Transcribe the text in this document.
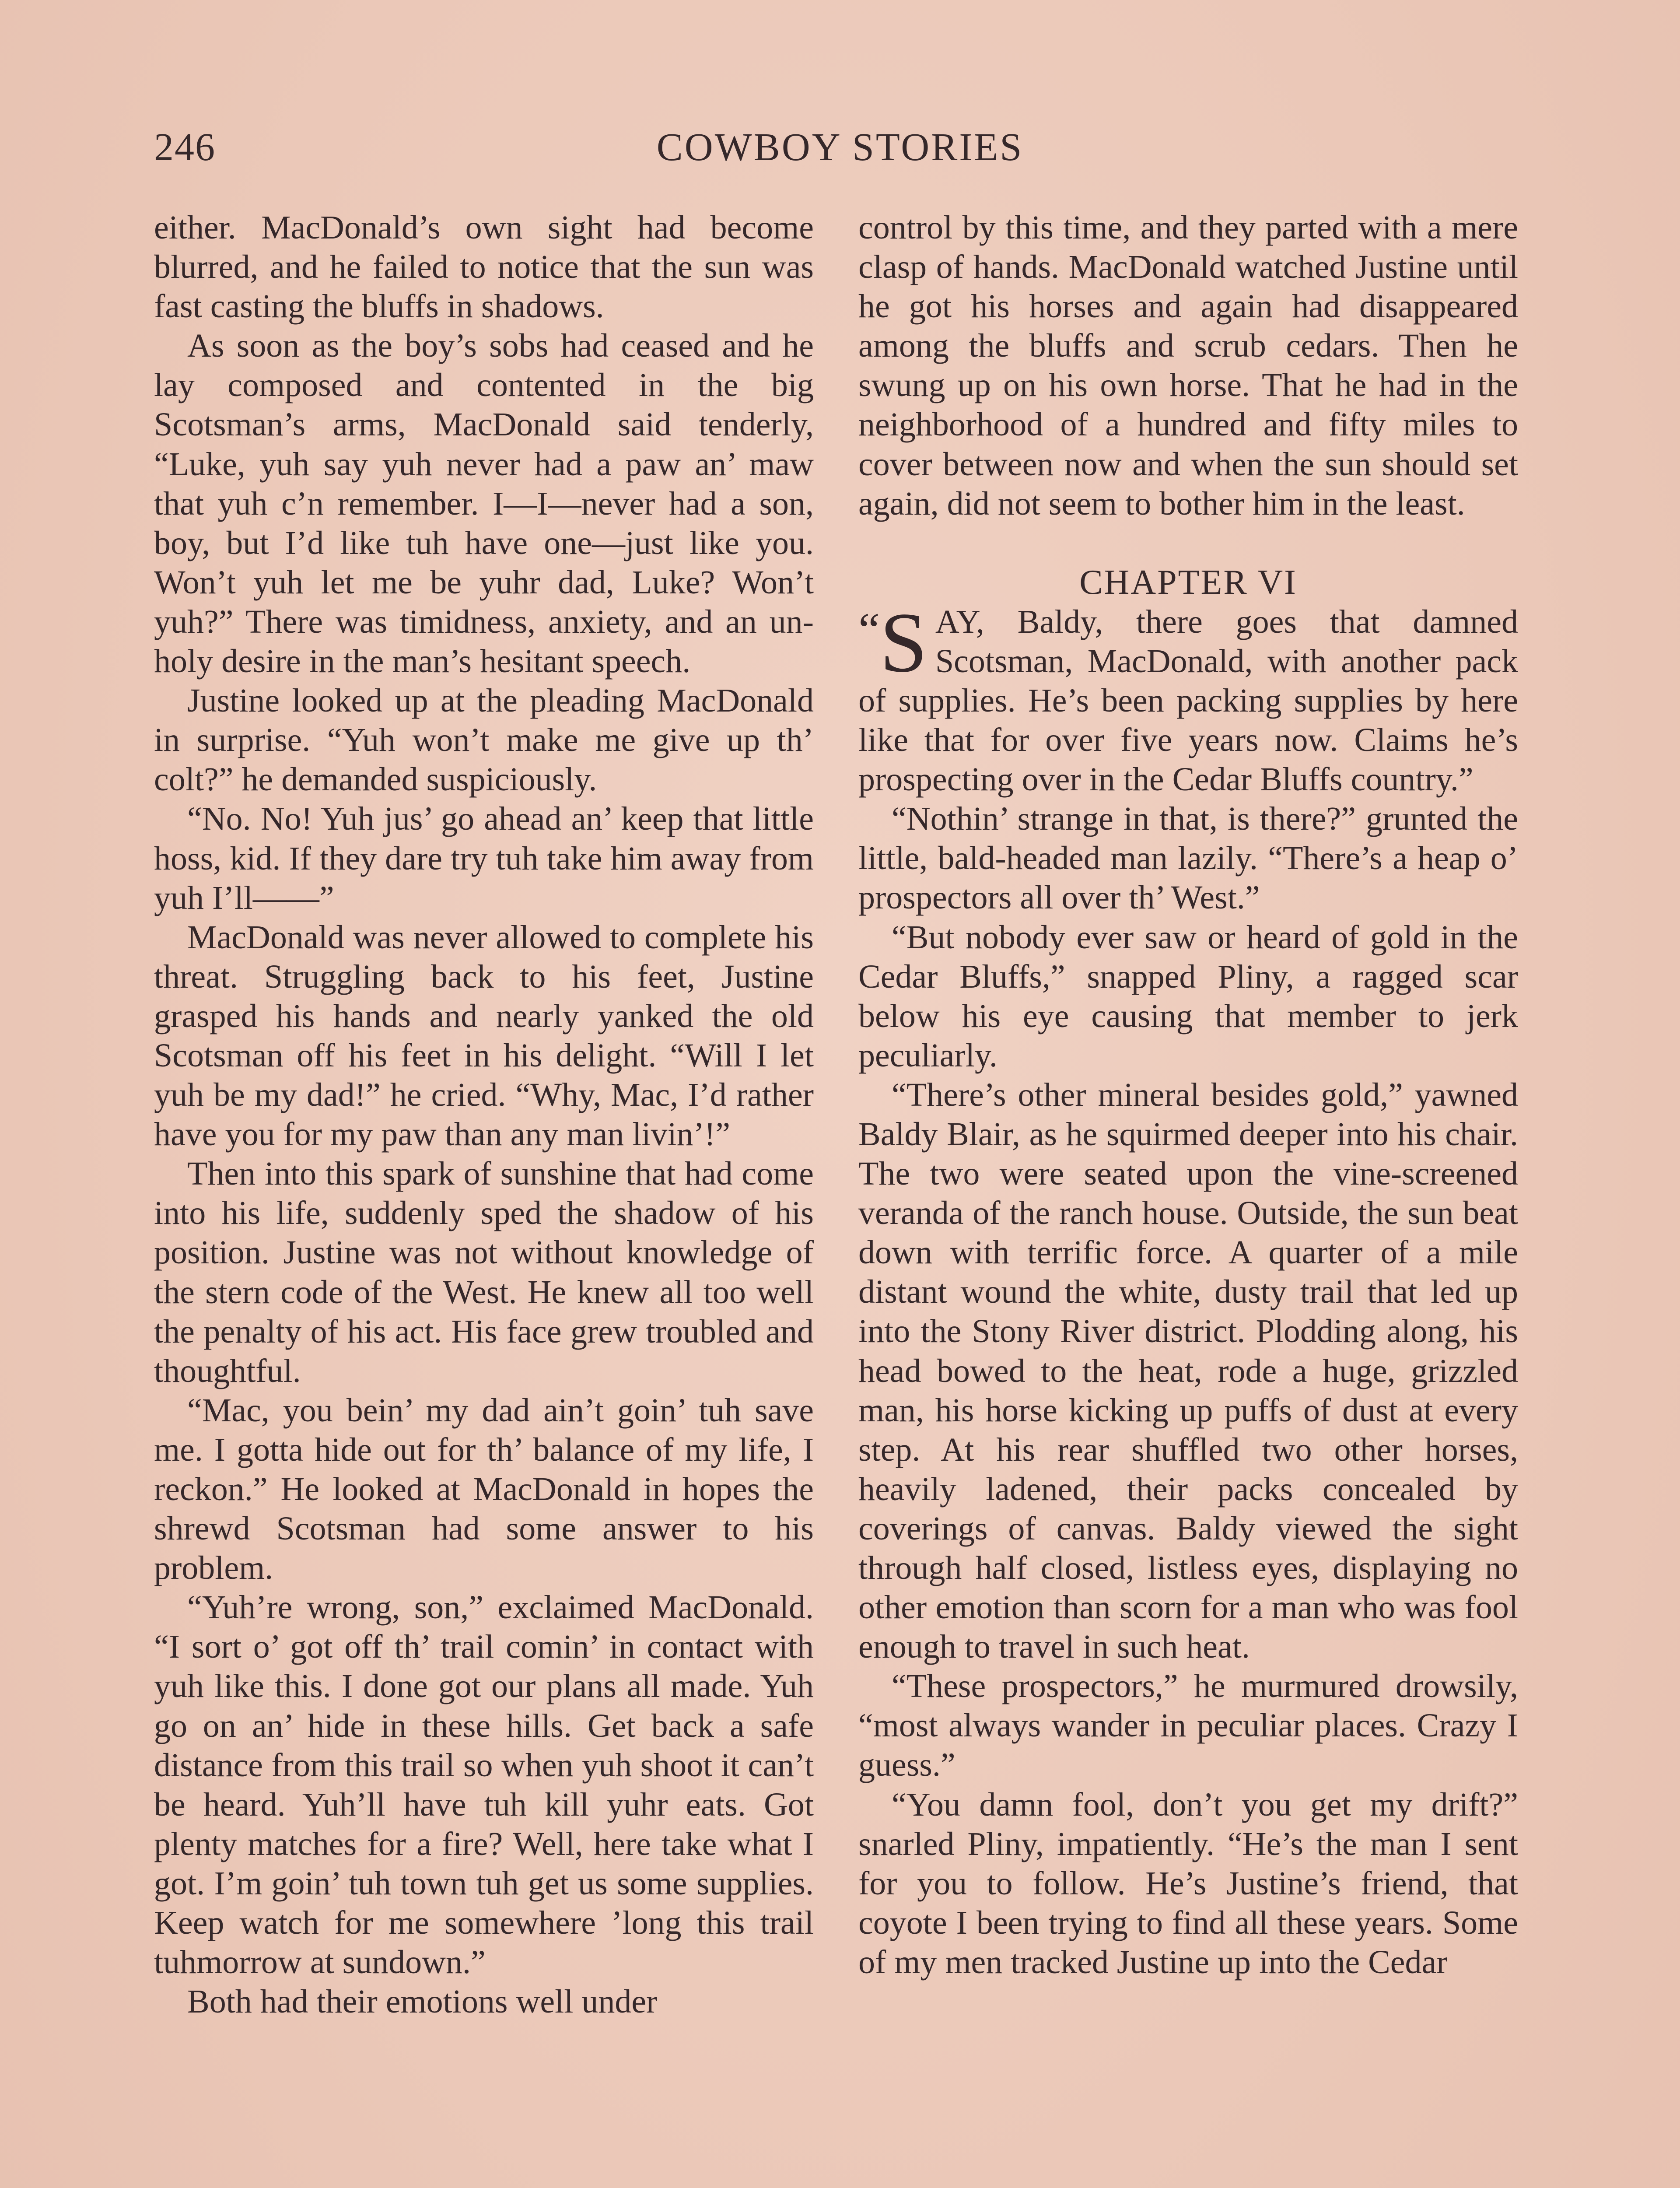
246	COWBOY STORIES

either. MacDonald’s own sight had become blurred, and he failed to notice that the sun was fast casting the bluffs in shadows.

As soon as the boy’s sobs had ceased and he lay composed and contented in the big Scotsman’s arms, MacDonald said tenderly, “Luke, yuh say yuh never had a paw an’ maw that yuh c’n remember. I—I—never had a son, boy, but I’d like tuh have one—just like you. Won’t yuh let me be yuhr dad, Luke? Won’t yuh?” There was timidness, anxiety, and an unholy desire in the man’s hesitant speech.

Justine looked up at the pleading MacDonald in surprise. “Yuh won’t make me give up th’ colt?” he demanded suspiciously.

“No. No! Yuh jus’ go ahead an’ keep that little hoss, kid. If they dare try tuh take him away from yuh I’ll——”

MacDonald was never allowed to complete his threat. Struggling back to his feet, Justine grasped his hands and nearly yanked the old Scotsman off his feet in his delight. “Will I let yuh be my dad!” he cried. “Why, Mac, I’d rather have you for my paw than any man livin’!”

Then into this spark of sunshine that had come into his life, suddenly sped the shadow of his position. Justine was not without knowledge of the stern code of the West. He knew all too well the penalty of his act. His face grew troubled and thoughtful.

“Mac, you bein’ my dad ain’t goin’ tuh save me. I gotta hide out for th’ balance of my life, I reckon.” He looked at MacDonald in hopes the shrewd Scotsman had some answer to his problem.

“Yuh’re wrong, son,” exclaimed MacDonald. “I sort o’ got off th’ trail comin’ in contact with yuh like this. I done got our plans all made. Yuh go on an’ hide in these hills. Get back a safe distance from this trail so when yuh shoot it can’t be heard. Yuh’ll have tuh kill yuhr eats. Got plenty matches for a fire? Well, here take what I got. I’m goin’ tuh town tuh get us some supplies. Keep watch for me somewhere ’long this trail tuhmorrow at sundown.”

Both had their emotions well under

control by this time, and they parted with a mere clasp of hands. MacDonald watched Justine until he got his horses and again had disappeared among the bluffs and scrub cedars. Then he swung up on his own horse. That he had in the neighborhood of a hundred and fifty miles to cover between now and when the sun should set again, did not seem to bother him in the least.

CHAPTER VI

“S AY, Baldy, there goes that damned Scotsman, MacDonald, with another pack of supplies. He’s been packing supplies by here like that for over five years now. Claims he’s prospecting over in the Cedar Bluffs country.”

“Nothin’ strange in that, is there?” grunted the little, bald-headed man lazily. “There’s a heap o’ prospectors all over th’ West.”

“But nobody ever saw or heard of gold in the Cedar Bluffs,” snapped Pliny, a ragged scar below his eye causing that member to jerk peculiarly.

“There’s other mineral besides gold,” yawned Baldy Blair, as he squirmed deeper into his chair. The two were seated upon the vine-screened veranda of the ranch house. Outside, the sun beat down with terrific force. A quarter of a mile distant wound the white, dusty trail that led up into the Stony River district. Plodding along, his head bowed to the heat, rode a huge, grizzled man, his horse kicking up puffs of dust at every step. At his rear shuffled two other horses, heavily ladened, their packs concealed by coverings of canvas. Baldy viewed the sight through half closed, listless eyes, displaying no other emotion than scorn for a man who was fool enough to travel in such heat.

“These prospectors,” he murmured drowsily, “most always wander in peculiar places. Crazy I guess.”

“You damn fool, don’t you get my drift?” snarled Pliny, impatiently. “He’s the man I sent for you to follow. He’s Justine’s friend, that coyote I been trying to find all these years. Some of my men tracked Justine up into the Cedar
